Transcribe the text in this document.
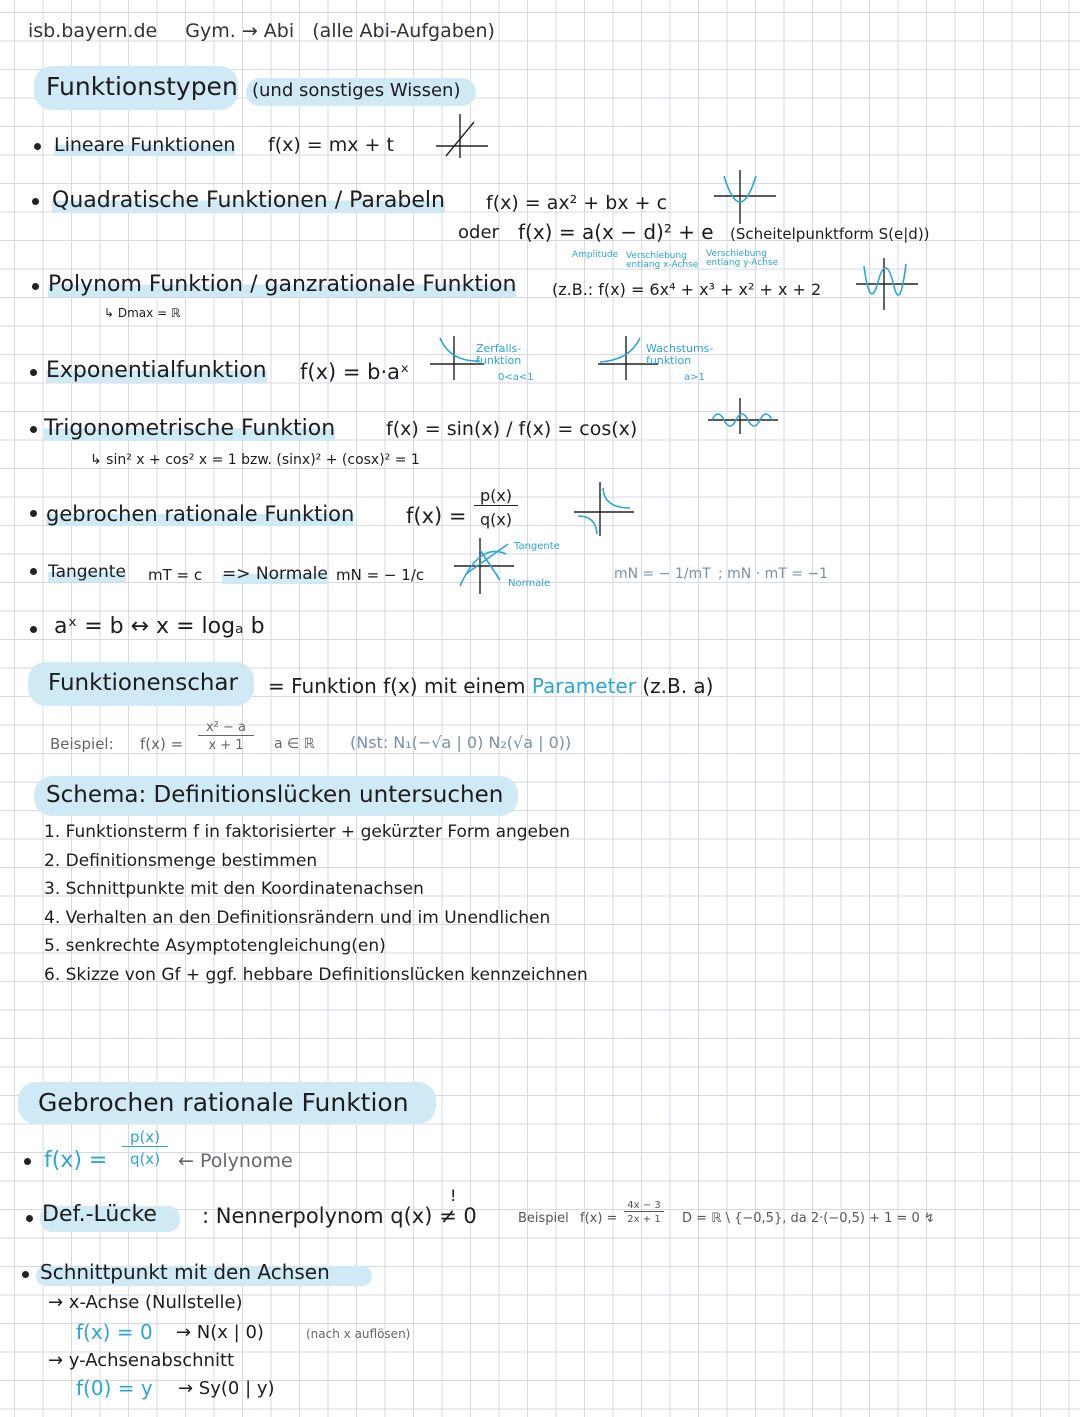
isb.bayern.de Gym. → Abi (alle Abi-Aufgaben)
Funktionstypen (und sonstiges Wissen)
Lineare Funktionen f(x) = mx + t
Quadratische Funktionen / Parabeln f(x) = ax² + bx + c
oder f(x) = a(x − d)² + e (Scheitelpunktform S(e|d))
Amplitude Verschiebung entlang x-Achse
Verschiebung entlang y-Achse
Polynom Funktion / ganzrationale Funktion (z.B.: f(x) = 6x⁴ + x³ + x² + x + 2
↳ Dmax = ℝ
Exponentialfunktion f(x) = b·aˣ
Zerfalls-funktion
0<a<1
Wachstums-funktion
a>1
Trigonometrische Funktion	f(x) = sin(x) / f(x) = cos(x)
↳ sin² x + cos² x = 1 bzw. (sinx)² + (cosx)² = 1
gebrochen rationale Funktion f(x) =
p(x)
q(x)
Tangente mT = c => Normale mN = − 1/c
Tangente
Normale
mN = − 1/mT ; mN · mT = −1
aˣ = b ↔ x = logₐ b
Funktionenschar = Funktion f(x) mit einem Parameter (z.B. a)
Beispiel: f(x) =
x² − a
x + 1	a ∈ ℝ (Nst: N₁(−√a | 0) N₂(√a | 0))
Schema: Definitionslücken untersuchen
1. Funktionsterm f in faktorisierter + gekürzter Form angeben
2. Definitionsmenge bestimmen
3. Schnittpunkte mit den Koordinatenachsen
4. Verhalten an den Definitionsrändern und im Unendlichen
5. senkrechte Asymptotengleichung(en)
6. Skizze von Gf + ggf. hebbare Definitionslücken kennzeichnen
Gebrochen rationale Funktion
f(x) =
p(x)
q(x) ← Polynome
Def.-Lücke : Nennerpolynom q(x) ≠ 0
!
Beispiel f(x) =
4x − 3
2x + 1 D = ℝ \ {−0,5}, da 2·(−0,5) + 1 = 0 ↯
Schnittpunkt mit den Achsen
→ x-Achse (Nullstelle)
f(x) = 0 → N(x | 0)	(nach x auflösen)
→ y-Achsenabschnitt
f(0) = y → Sy(0 | y)
